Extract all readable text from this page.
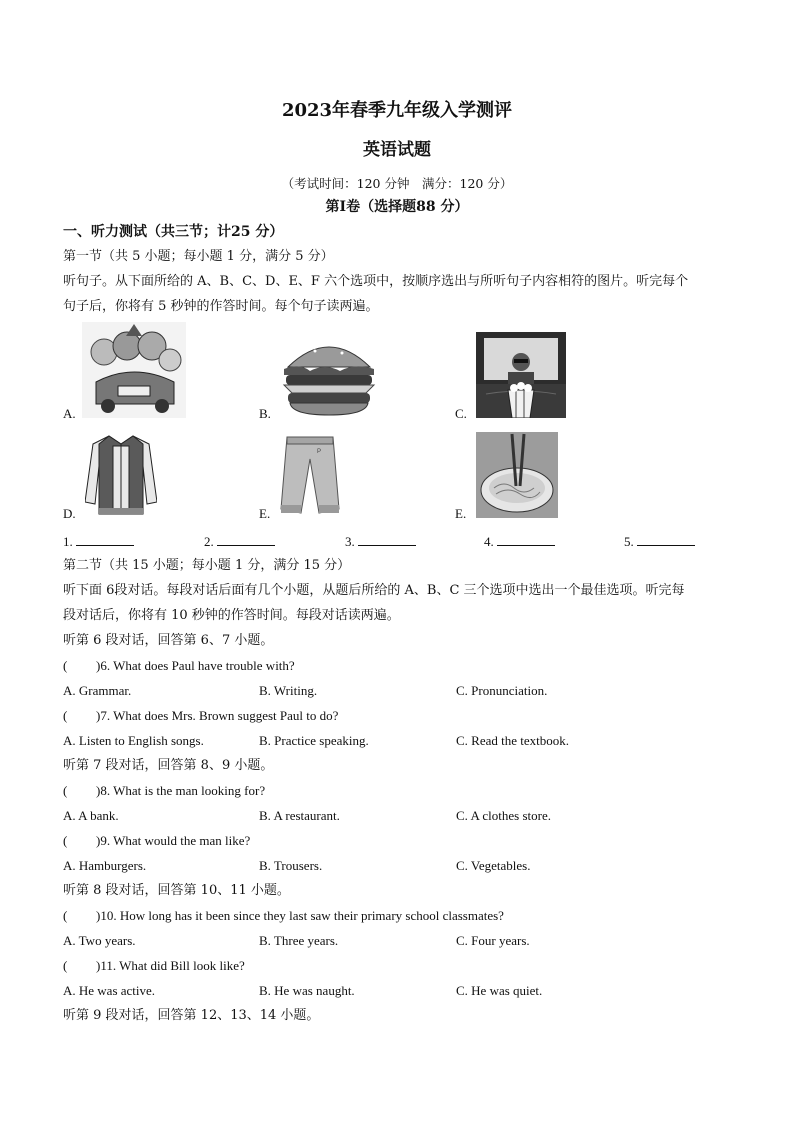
2023年春季九年级入学测评
英语试题
（考试时间：120 分钟　满分：120 分）
第Ⅰ卷（选择题88 分）
一、听力测试（共三节；计25 分）
第一节（共 5 小题；每小题 1 分，满分 5 分）
听句子。从下面所给的 A、B、C、D、E、F 六个选项中，按顺序选出与所听句子内容相符的图片。听完每个
句子后，你将有 5 秒钟的作答时间。每个句子读两遍。
A.	B.	C.
D.	E.
P
E.
1.	2.	3.	4.	5.
第二节（共 15 小题；每小题 1 分，满分 15 分）
听下面 6段对话。每段对话后面有几个小题，从题后所给的 A、B、C 三个选项中选出一个最佳选项。听完每
段对话后，你将有 10 秒钟的作答时间。每段对话读两遍。
听第 6 段对话，回答第 6、7 小题。
( )6. What does Paul have trouble with?
A. Grammar.	B. Writing.	C. Pronunciation.
( )7. What does Mrs. Brown suggest Paul to do?
A. Listen to English songs.	B. Practice speaking.	C. Read the textbook.
听第 7 段对话，回答第 8、9 小题。
( )8. What is the man looking for?
A. A bank.	B. A restaurant.	C. A clothes store.
( )9. What would the man like?
A. Hamburgers.	B. Trousers.	C. Vegetables.
听第 8 段对话，回答第 10、11 小题。
( )10. How long has it been since they last saw their primary school classmates?
A. Two years.	B. Three years.	C. Four years.
( )11. What did Bill look like?
A. He was active.	B. He was naught.	C. He was quiet.
听第 9 段对话，回答第 12、13、14 小题。
